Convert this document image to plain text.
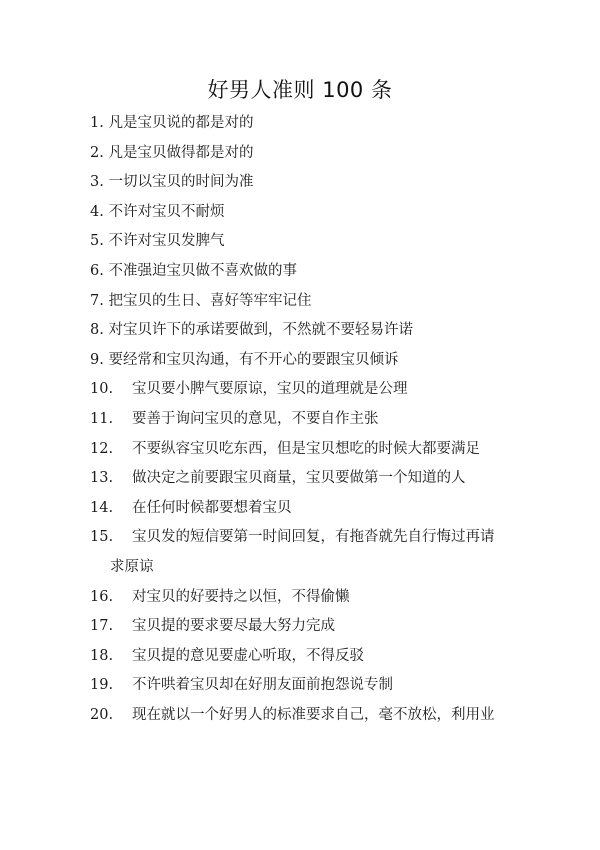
好男人准则 100 条
1. 凡是宝贝说的都是对的
2. 凡是宝贝做得都是对的
3. 一切以宝贝的时间为准
4. 不许对宝贝不耐烦
5. 不许对宝贝发脾气
6. 不准强迫宝贝做不喜欢做的事
7. 把宝贝的生日、喜好等牢牢记住
8. 对宝贝许下的承诺要做到，不然就不要轻易许诺
9. 要经常和宝贝沟通，有不开心的要跟宝贝倾诉
10. 宝贝要小脾气要原谅，宝贝的道理就是公理
11. 要善于询问宝贝的意见，不要自作主张
12. 不要纵容宝贝吃东西，但是宝贝想吃的时候大都要满足
13. 做决定之前要跟宝贝商量，宝贝要做第一个知道的人
14. 在任何时候都要想着宝贝
15. 宝贝发的短信要第一时间回复，有拖沓就先自行悔过再请
求原谅
16. 对宝贝的好要持之以恒，不得偷懒
17. 宝贝提的要求要尽最大努力完成
18. 宝贝提的意见要虚心听取，不得反驳
19. 不许哄着宝贝却在好朋友面前抱怨说专制
20. 现在就以一个好男人的标准要求自己，毫不放松，利用业
